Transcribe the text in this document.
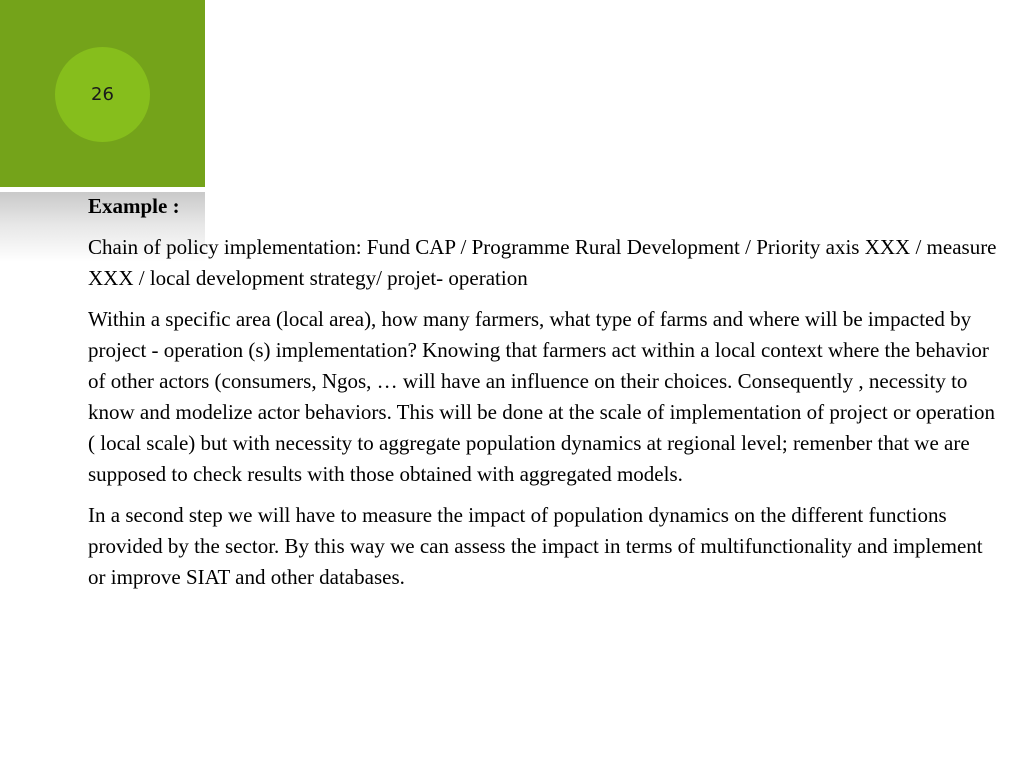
26

Example :

Chain of policy implementation: Fund CAP / Programme Rural Development / Priority axis XXX / measure XXX / local development strategy/ projet- operation

Within a specific area (local area), how many farmers, what type of farms and where will be impacted by project - operation (s) implementation? Knowing that farmers act within a local context where the behavior of other actors (consumers, Ngos, … will have an influence on their choices. Consequently , necessity to know and modelize actor behaviors. This will be done at the scale of implementation of project or operation ( local scale) but with necessity to aggregate population dynamics at regional level; remenber that we are supposed to check results with those obtained with aggregated models.

In a second step we will have to measure the impact of population dynamics on the different functions provided by the sector. By this way we can assess the impact in terms of multifunctionality and implement or improve SIAT and other databases.
